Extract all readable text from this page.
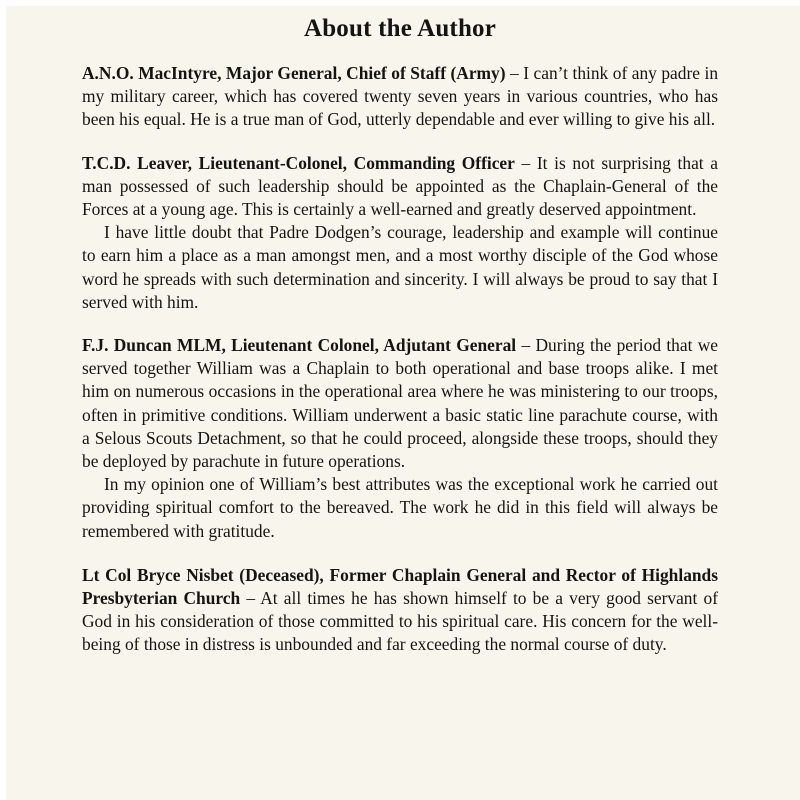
About the Author

A.N.O. MacIntyre, Major General, Chief of Staff (Army) – I can’t think of any padre in my military career, which has covered twenty seven years in various countries, who has been his equal. He is a true man of God, utterly dependable and ever willing to give his all.

T.C.D. Leaver, Lieutenant-Colonel, Commanding Officer – It is not surprising that a man possessed of such leadership should be appointed as the Chaplain-General of the Forces at a young age. This is certainly a well-earned and greatly deserved appointment.

I have little doubt that Padre Dodgen’s courage, leadership and example will continue to earn him a place as a man amongst men, and a most worthy disciple of the God whose word he spreads with such determination and sincerity. I will always be proud to say that I served with him.

F.J. Duncan MLM, Lieutenant Colonel, Adjutant General – During the period that we served together William was a Chaplain to both operational and base troops alike. I met him on numerous occasions in the operational area where he was ministering to our troops, often in primitive conditions. William underwent a basic static line parachute course, with a Selous Scouts Detachment, so that he could proceed, alongside these troops, should they be deployed by parachute in future operations.

In my opinion one of William’s best attributes was the exceptional work he carried out providing spiritual comfort to the bereaved. The work he did in this field will always be remembered with gratitude.

Lt Col Bryce Nisbet (Deceased), Former Chaplain General and Rector of Highlands Presbyterian Church – At all times he has shown himself to be a very good servant of God in his consideration of those committed to his spiritual care. His concern for the well-being of those in distress is unbounded and far exceeding the normal course of duty.
